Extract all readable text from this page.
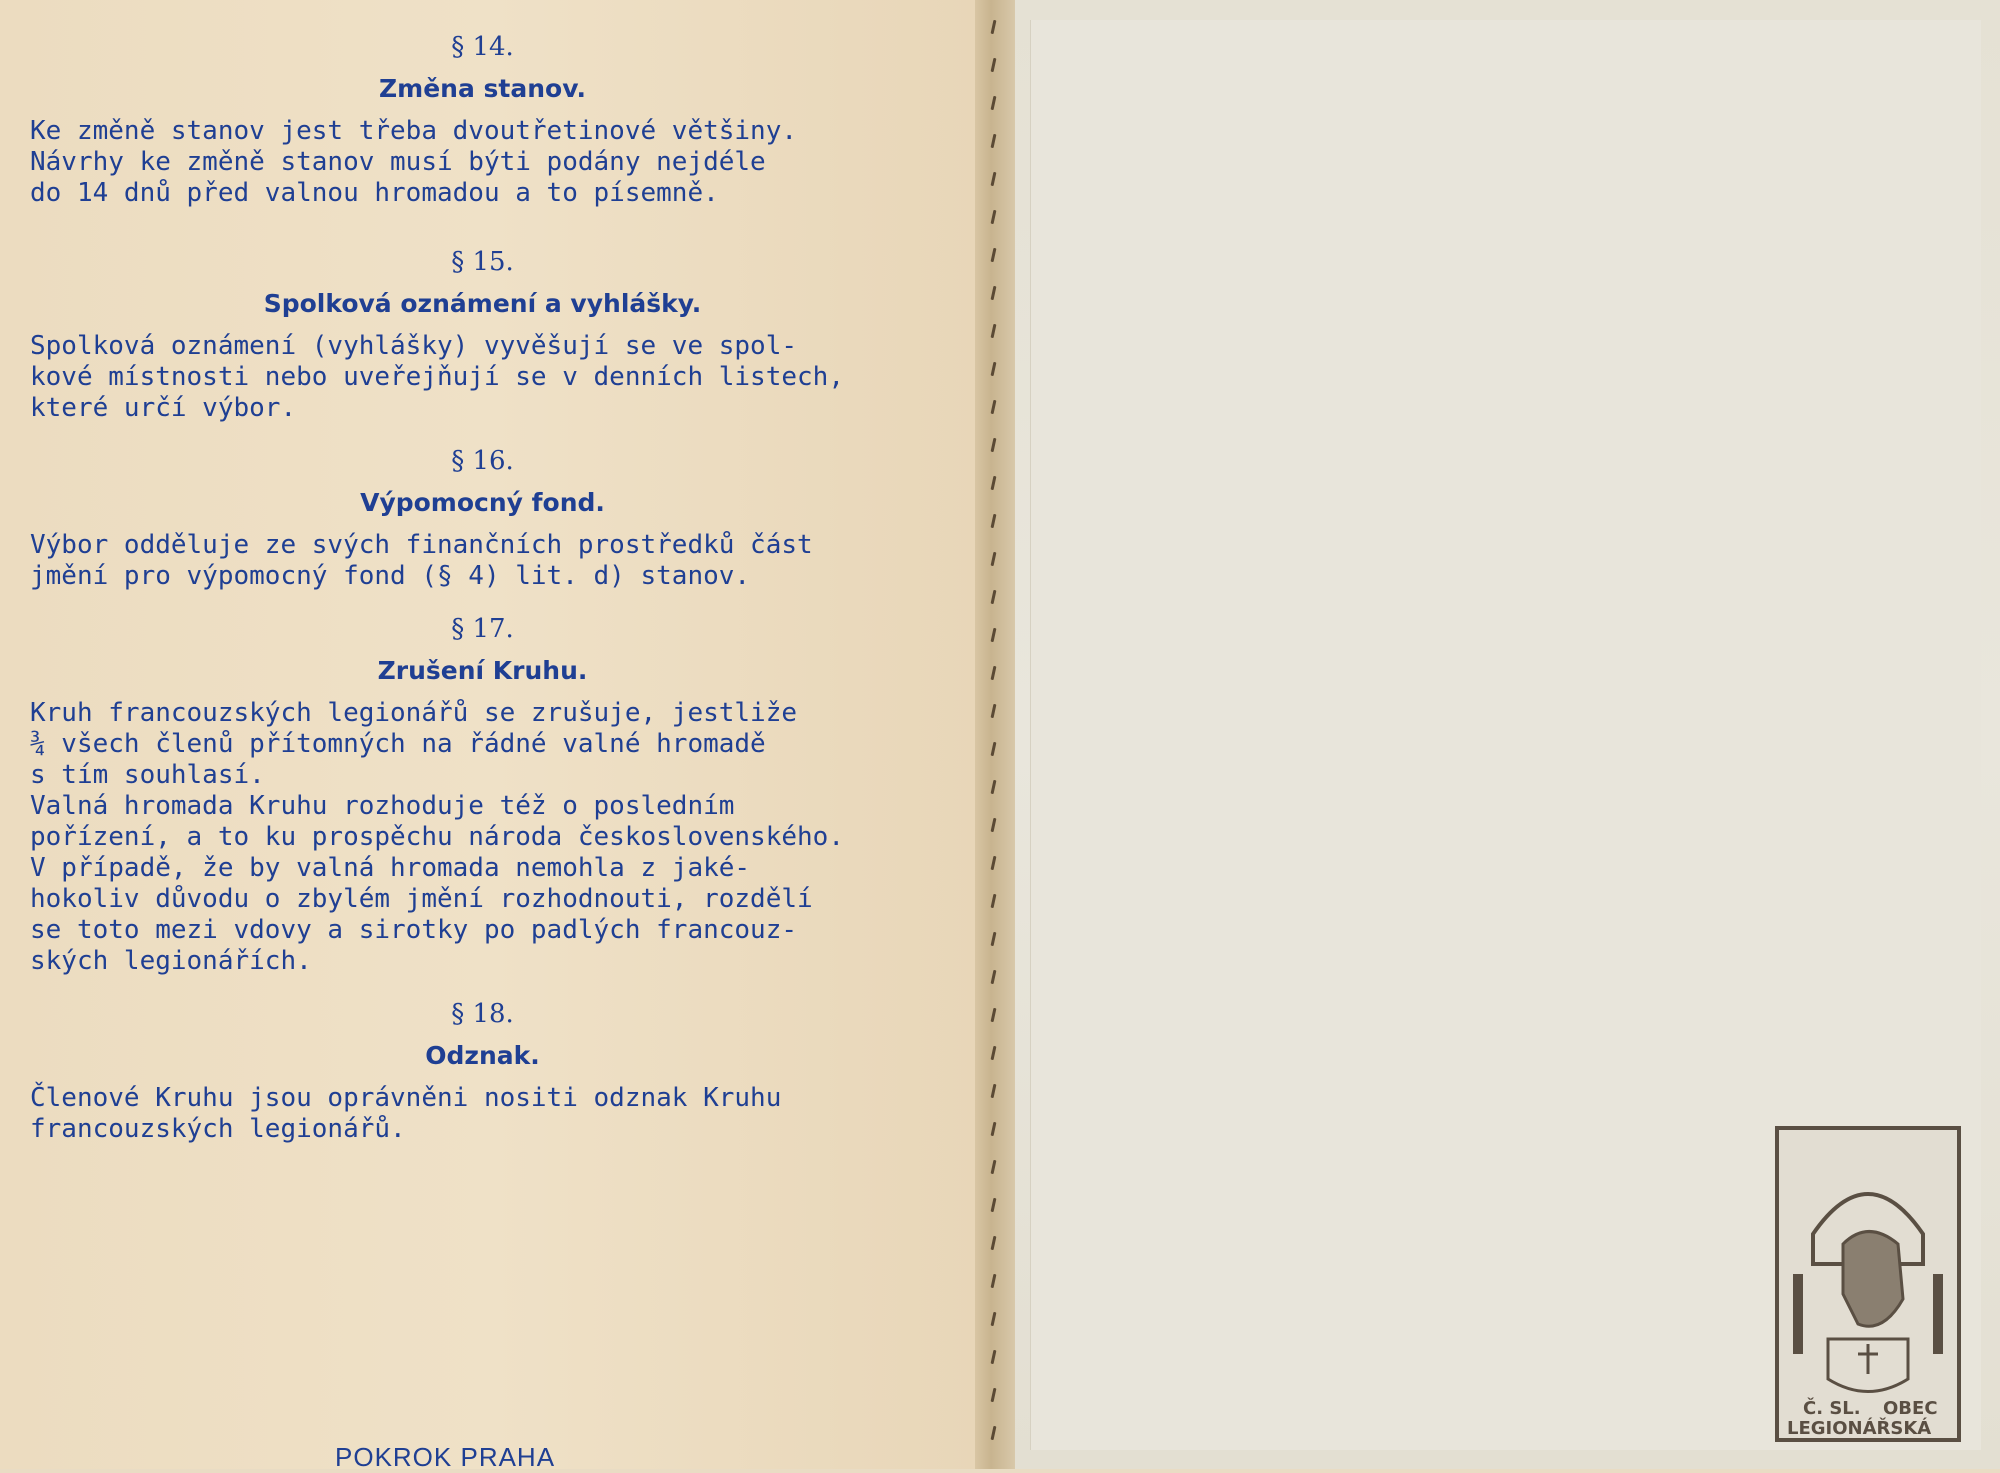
§ 14.

Změna stanov.

Ke změně stanov jest třeba dvoutřetinové většiny.
Návrhy ke změně stanov musí býti podány nejdéle
do 14 dnů před valnou hromadou a to písemně.

§ 15.

Spolková oznámení a vyhlášky.

Spolková oznámení (vyhlášky) vyvěšují se ve spol-
kové místnosti nebo uveřejňují se v denních listech,
které určí výbor.

§ 16.

Výpomocný fond.

Výbor odděluje ze svých finančních prostředků část
jmění pro výpomocný fond (§ 4) lit. d) stanov.

§ 17.

Zrušení Kruhu.

Kruh francouzských legionářů se zrušuje, jestliže
¾ všech členů přítomných na řádné valné hromadě
s tím souhlasí.

Valná hromada Kruhu rozhoduje též o posledním
pořízení, a to ku prospěchu národa československého.

V případě, že by valná hromada nemohla z jaké-
hokoliv důvodu o zbylém jmění rozhodnouti, rozdělí
se toto mezi vdovy a sirotky po padlých francouz-
ských legionářích.

§ 18.

Odznak.

Členové Kruhu jsou oprávněni nositi odznak Kruhu
francouzských legionářů.

POKROK PRAHA
Č. SL. OBEC
LEGIONÁŘSKÁ
